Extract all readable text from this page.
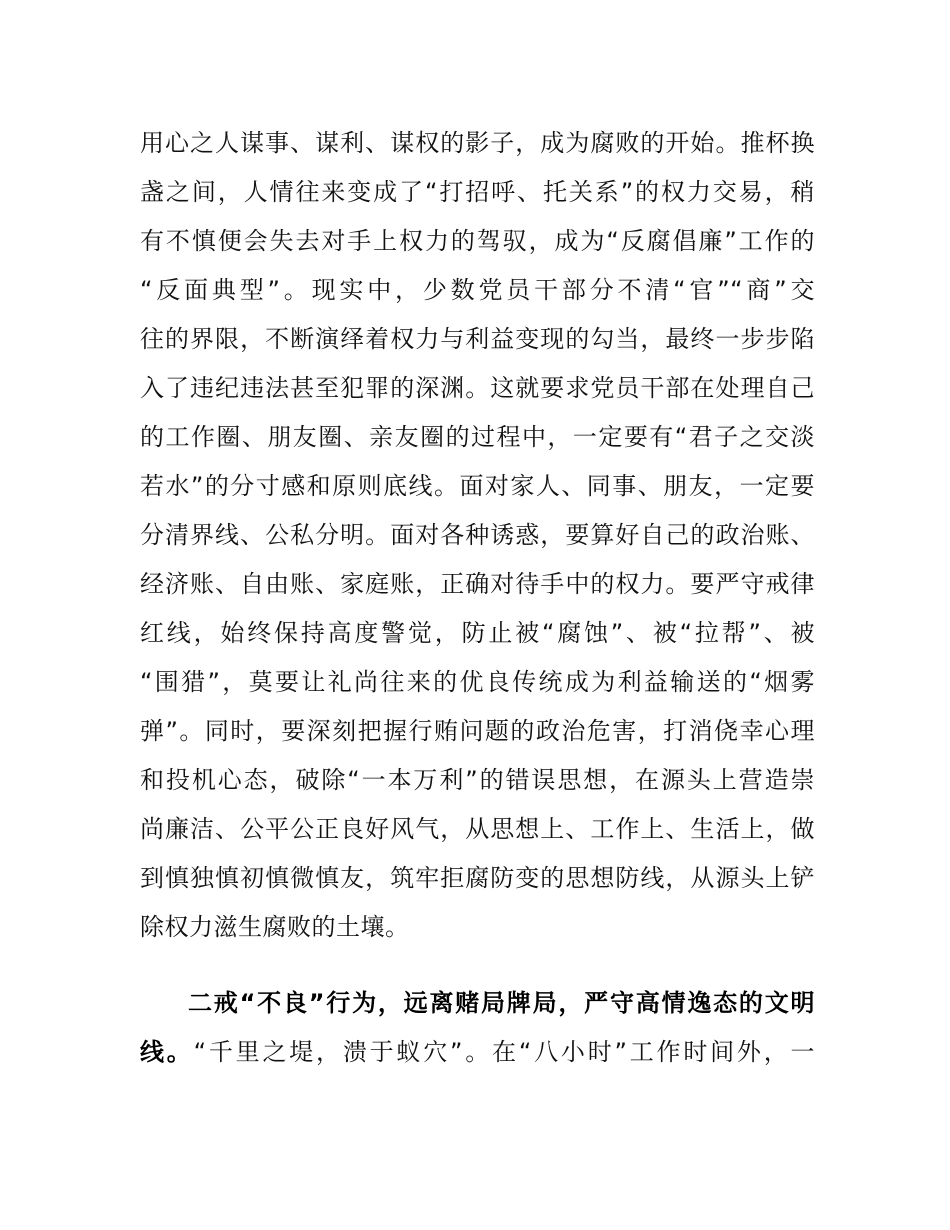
用心之人谋事、谋利、谋权的影子，成为腐败的开始。推杯换
盏之间，人情往来变成了“打招呼、托关系”的权力交易，稍
有不慎便会失去对手上权力的驾驭，成为“反腐倡廉”工作的
“反面典型”。现实中，少数党员干部分不清“官”“商”交
往的界限，不断演绎着权力与利益变现的勾当，最终一步步陷
入了违纪违法甚至犯罪的深渊。这就要求党员干部在处理自己
的工作圈、朋友圈、亲友圈的过程中，一定要有“君子之交淡
若水”的分寸感和原则底线。面对家人、同事、朋友，一定要
分清界线、公私分明。面对各种诱惑，要算好自己的政治账、
经济账、自由账、家庭账，正确对待手中的权力。要严守戒律
红线，始终保持高度警觉，防止被“腐蚀”、被“拉帮”、被
“围猎”，莫要让礼尚往来的优良传统成为利益输送的“烟雾
弹”。同时，要深刻把握行贿问题的政治危害，打消侥幸心理
和投机心态，破除“一本万利”的错误思想，在源头上营造崇
尚廉洁、公平公正良好风气，从思想上、工作上、生活上，做
到慎独慎初慎微慎友，筑牢拒腐防变的思想防线，从源头上铲
除权力滋生腐败的土壤。
二戒“不良”行为，远离赌局牌局，严守高情逸态的文明
线。“千里之堤，溃于蚁穴”。在“八小时”工作时间外，一
